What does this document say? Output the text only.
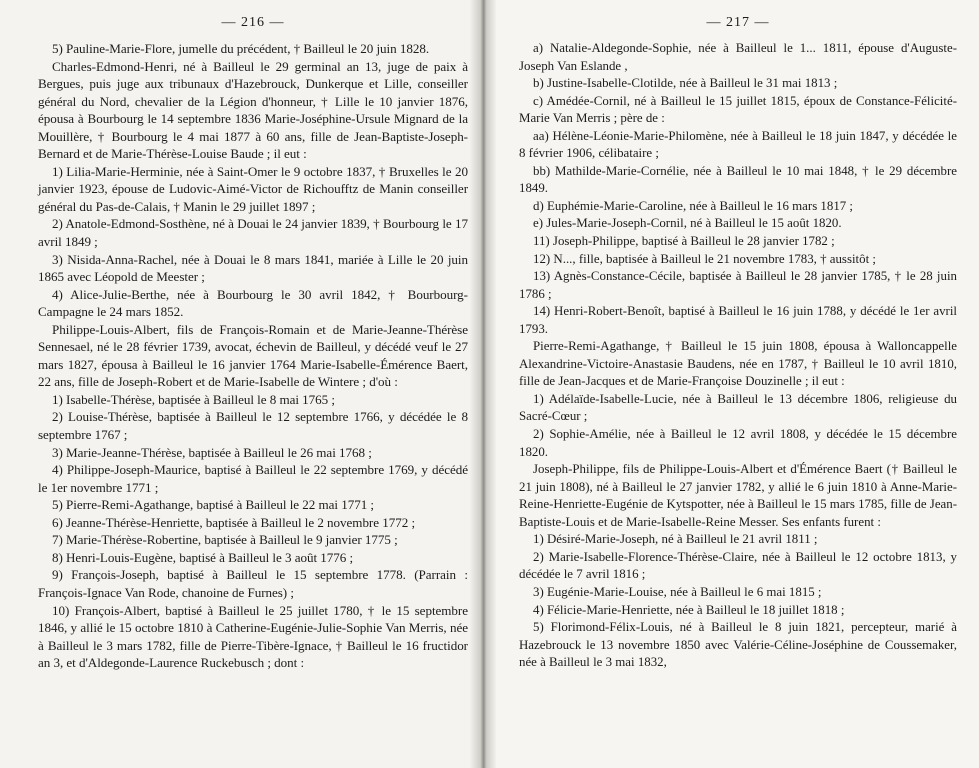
— 216 —

5) Pauline-Marie-Flore, jumelle du précédent, † Bailleul le 20 juin 1828.

Charles-Edmond-Henri, né à Bailleul le 29 germinal an 13, juge de paix à Bergues, puis juge aux tribunaux d'Hazebrouck, Dunkerque et Lille, conseiller général du Nord, chevalier de la Légion d'honneur, † Lille le 10 janvier 1876, épousa à Bourbourg le 14 septembre 1836 Marie-Joséphine-Ursule Mignard de la Mouillère, † Bourbourg le 4 mai 1877 à 60 ans, fille de Jean-Baptiste-Joseph-Bernard et de Marie-Thérèse-Louise Baude ; il eut :

1) Lilia-Marie-Herminie, née à Saint-Omer le 9 octobre 1837, † Bruxelles le 20 janvier 1923, épouse de Ludovic-Aimé-Victor de Richoufftz de Manin conseiller général du Pas-de-Calais, † Manin le 29 juillet 1897 ;

2) Anatole-Edmond-Sosthène, né à Douai le 24 janvier 1839, † Bourbourg le 17 avril 1849 ;

3) Nisida-Anna-Rachel, née à Douai le 8 mars 1841, mariée à Lille le 20 juin 1865 avec Léopold de Meester ;

4) Alice-Julie-Berthe, née à Bourbourg le 30 avril 1842, † Bourbourg-Campagne le 24 mars 1852.

Philippe-Louis-Albert, fils de François-Romain et de Marie-Jeanne-Thérèse Sennesael, né le 28 février 1739, avocat, échevin de Bailleul, y décédé veuf le 27 mars 1827, épousa à Bailleul le 16 janvier 1764 Marie-Isabelle-Émérence Baert, 22 ans, fille de Joseph-Robert et de Marie-Isabelle de Wintere ; d'où :

1) Isabelle-Thérèse, baptisée à Bailleul le 8 mai 1765 ;

2) Louise-Thérèse, baptisée à Bailleul le 12 septembre 1766, y décédée le 8 septembre 1767 ;

3) Marie-Jeanne-Thérèse, baptisée à Bailleul le 26 mai 1768 ;

4) Philippe-Joseph-Maurice, baptisé à Bailleul le 22 septembre 1769, y décédé le 1er novembre 1771 ;

5) Pierre-Remi-Agathange, baptisé à Bailleul le 22 mai 1771 ;

6) Jeanne-Thérèse-Henriette, baptisée à Bailleul le 2 novembre 1772 ;

7) Marie-Thérèse-Robertine, baptisée à Bailleul le 9 janvier 1775 ;

8) Henri-Louis-Eugène, baptisé à Bailleul le 3 août 1776 ;

9) François-Joseph, baptisé à Bailleul le 15 septembre 1778. (Parrain : François-Ignace Van Rode, chanoine de Furnes) ;

10) François-Albert, baptisé à Bailleul le 25 juillet 1780, † le 15 septembre 1846, y allié le 15 octobre 1810 à Catherine-Eugénie-Julie-Sophie Van Merris, née à Bailleul le 3 mars 1782, fille de Pierre-Tibère-Ignace, † Bailleul le 16 fructidor an 3, et d'Aldegonde-Laurence Ruckebusch ; dont :

— 217 —

a) Natalie-Aldegonde-Sophie, née à Bailleul le 1... 1811, épouse d'Auguste-Joseph Van Eslande ,

b) Justine-Isabelle-Clotilde, née à Bailleul le 31 mai 1813 ;

c) Amédée-Cornil, né à Bailleul le 15 juillet 1815, époux de Constance-Félicité-Marie Van Merris ; père de :

aa) Hélène-Léonie-Marie-Philomène, née à Bailleul le 18 juin 1847, y décédée le 8 février 1906, célibataire ;

bb) Mathilde-Marie-Cornélie, née à Bailleul le 10 mai 1848, † le 29 décembre 1849.

d) Euphémie-Marie-Caroline, née à Bailleul le 16 mars 1817 ;

e) Jules-Marie-Joseph-Cornil, né à Bailleul le 15 août 1820.

11) Joseph-Philippe, baptisé à Bailleul le 28 janvier 1782 ;

12) N..., fille, baptisée à Bailleul le 21 novembre 1783, † aussitôt ;

13) Agnès-Constance-Cécile, baptisée à Bailleul le 28 janvier 1785, † le 28 juin 1786 ;

14) Henri-Robert-Benoît, baptisé à Bailleul le 16 juin 1788, y décédé le 1er avril 1793.

Pierre-Remi-Agathange, † Bailleul le 15 juin 1808, épousa à Walloncappelle Alexandrine-Victoire-Anastasie Baudens, née en 1787, † Bailleul le 10 avril 1810, fille de Jean-Jacques et de Marie-Françoise Douzinelle ; il eut :

1) Adélaïde-Isabelle-Lucie, née à Bailleul le 13 décembre 1806, religieuse du Sacré-Cœur ;

2) Sophie-Amélie, née à Bailleul le 12 avril 1808, y décédée le 15 décembre 1820.

Joseph-Philippe, fils de Philippe-Louis-Albert et d'Émérence Baert († Bailleul le 21 juin 1808), né à Bailleul le 27 janvier 1782, y allié le 6 juin 1810 à Anne-Marie-Reine-Henriette-Eugénie de Kytspotter, née à Bailleul le 15 mars 1785, fille de Jean-Baptiste-Louis et de Marie-Isabelle-Reine Messer. Ses enfants furent :

1) Désiré-Marie-Joseph, né à Bailleul le 21 avril 1811 ;

2) Marie-Isabelle-Florence-Thérèse-Claire, née à Bailleul le 12 octobre 1813, y décédée le 7 avril 1816 ;

3) Eugénie-Marie-Louise, née à Bailleul le 6 mai 1815 ;

4) Félicie-Marie-Henriette, née à Bailleul le 18 juillet 1818 ;

5) Florimond-Félix-Louis, né à Bailleul le 8 juin 1821, percepteur, marié à Hazebrouck le 13 novembre 1850 avec Valérie-Céline-Joséphine de Coussemaker, née à Bailleul le 3 mai 1832,
